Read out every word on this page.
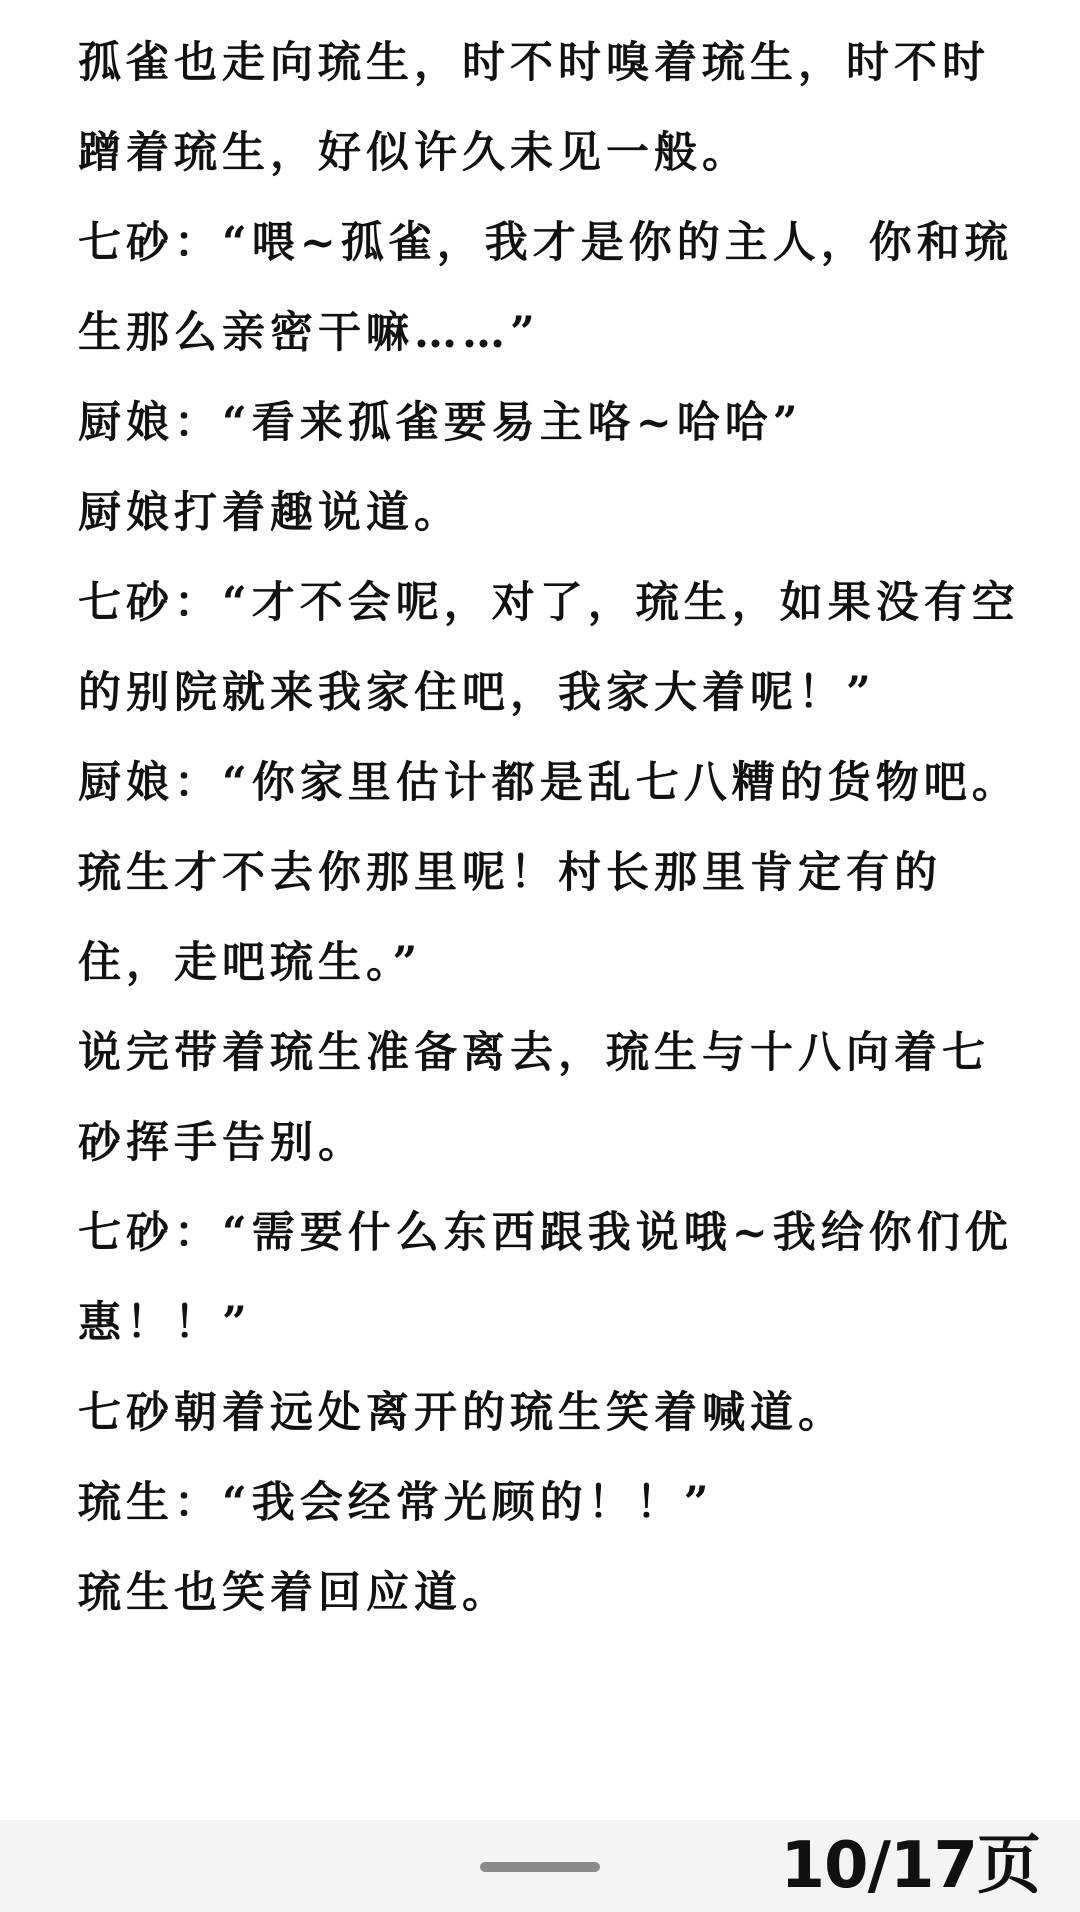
孤雀也走向琉生，时不时嗅着琉生，时不时
蹭着琉生，好似许久未见一般。
七砂：“喂~孤雀，我才是你的主人，你和琉
生那么亲密干嘛……”
厨娘：“看来孤雀要易主咯~哈哈”
厨娘打着趣说道。
七砂：“才不会呢，对了，琉生，如果没有空
的别院就来我家住吧，我家大着呢！”
厨娘：“你家里估计都是乱七八糟的货物吧。
琉生才不去你那里呢！村长那里肯定有的
住，走吧琉生。”
说完带着琉生准备离去，琉生与十八向着七
砂挥手告别。
七砂：“需要什么东西跟我说哦~我给你们优
惠！！”
七砂朝着远处离开的琉生笑着喊道。
琉生：“我会经常光顾的！！”
琉生也笑着回应道。
10/17页
